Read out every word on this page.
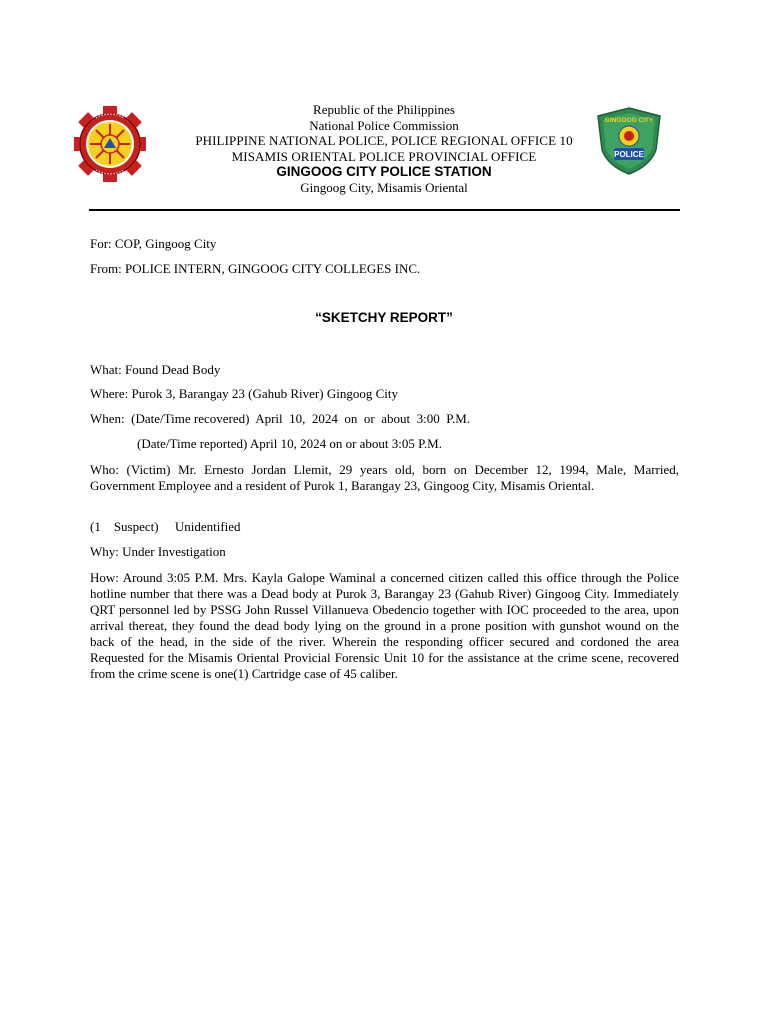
Republic of the Philippines
National Police Commission
PHILIPPINE NATIONAL POLICE, POLICE REGIONAL OFFICE 10
MISAMIS ORIENTAL POLICE PROVINCIAL OFFICE
GINGOOG CITY POLICE STATION
Gingoog City, Misamis Oriental
POLICE
GINGOOG CITY
For: COP, Gingoog City
From: POLICE INTERN, GINGOOG CITY COLLEGES INC.
“SKETCHY REPORT”
What: Found Dead Body
Where: Purok 3, Barangay 23 (Gahub River) Gingoog City
When:  (Date/Time recovered)  April  10,  2024  on  or  about  3:00  P.M.
(Date/Time reported) April 10, 2024 on or about 3:05 P.M.
Who: (Victim) Mr. Ernesto Jordan Llemit, 29 years old, born on December 12, 1994, Male, Married, Government Employee and a resident of Purok 1, Barangay 23, Gingoog City, Misamis Oriental.
(1    Suspect)     Unidentified
Why: Under Investigation
How: Around 3:05 P.M. Mrs. Kayla Galope Waminal a concerned citizen called this office through the Police hotline number that there was a Dead body at Purok 3, Barangay 23 (Gahub River) Gingoog City. Immediately QRT personnel led by PSSG John Russel Villanueva Obedencio together with IOC proceeded to the area, upon arrival thereat, they found the dead body lying on the ground in a prone position with gunshot wound on the back of the head, in the side of the river. Wherein the responding officer secured and cordoned the area Requested for the Misamis Oriental Provicial Forensic Unit 10 for the assistance at the crime scene, recovered from the crime scene is one(1) Cartridge case of 45 caliber.
